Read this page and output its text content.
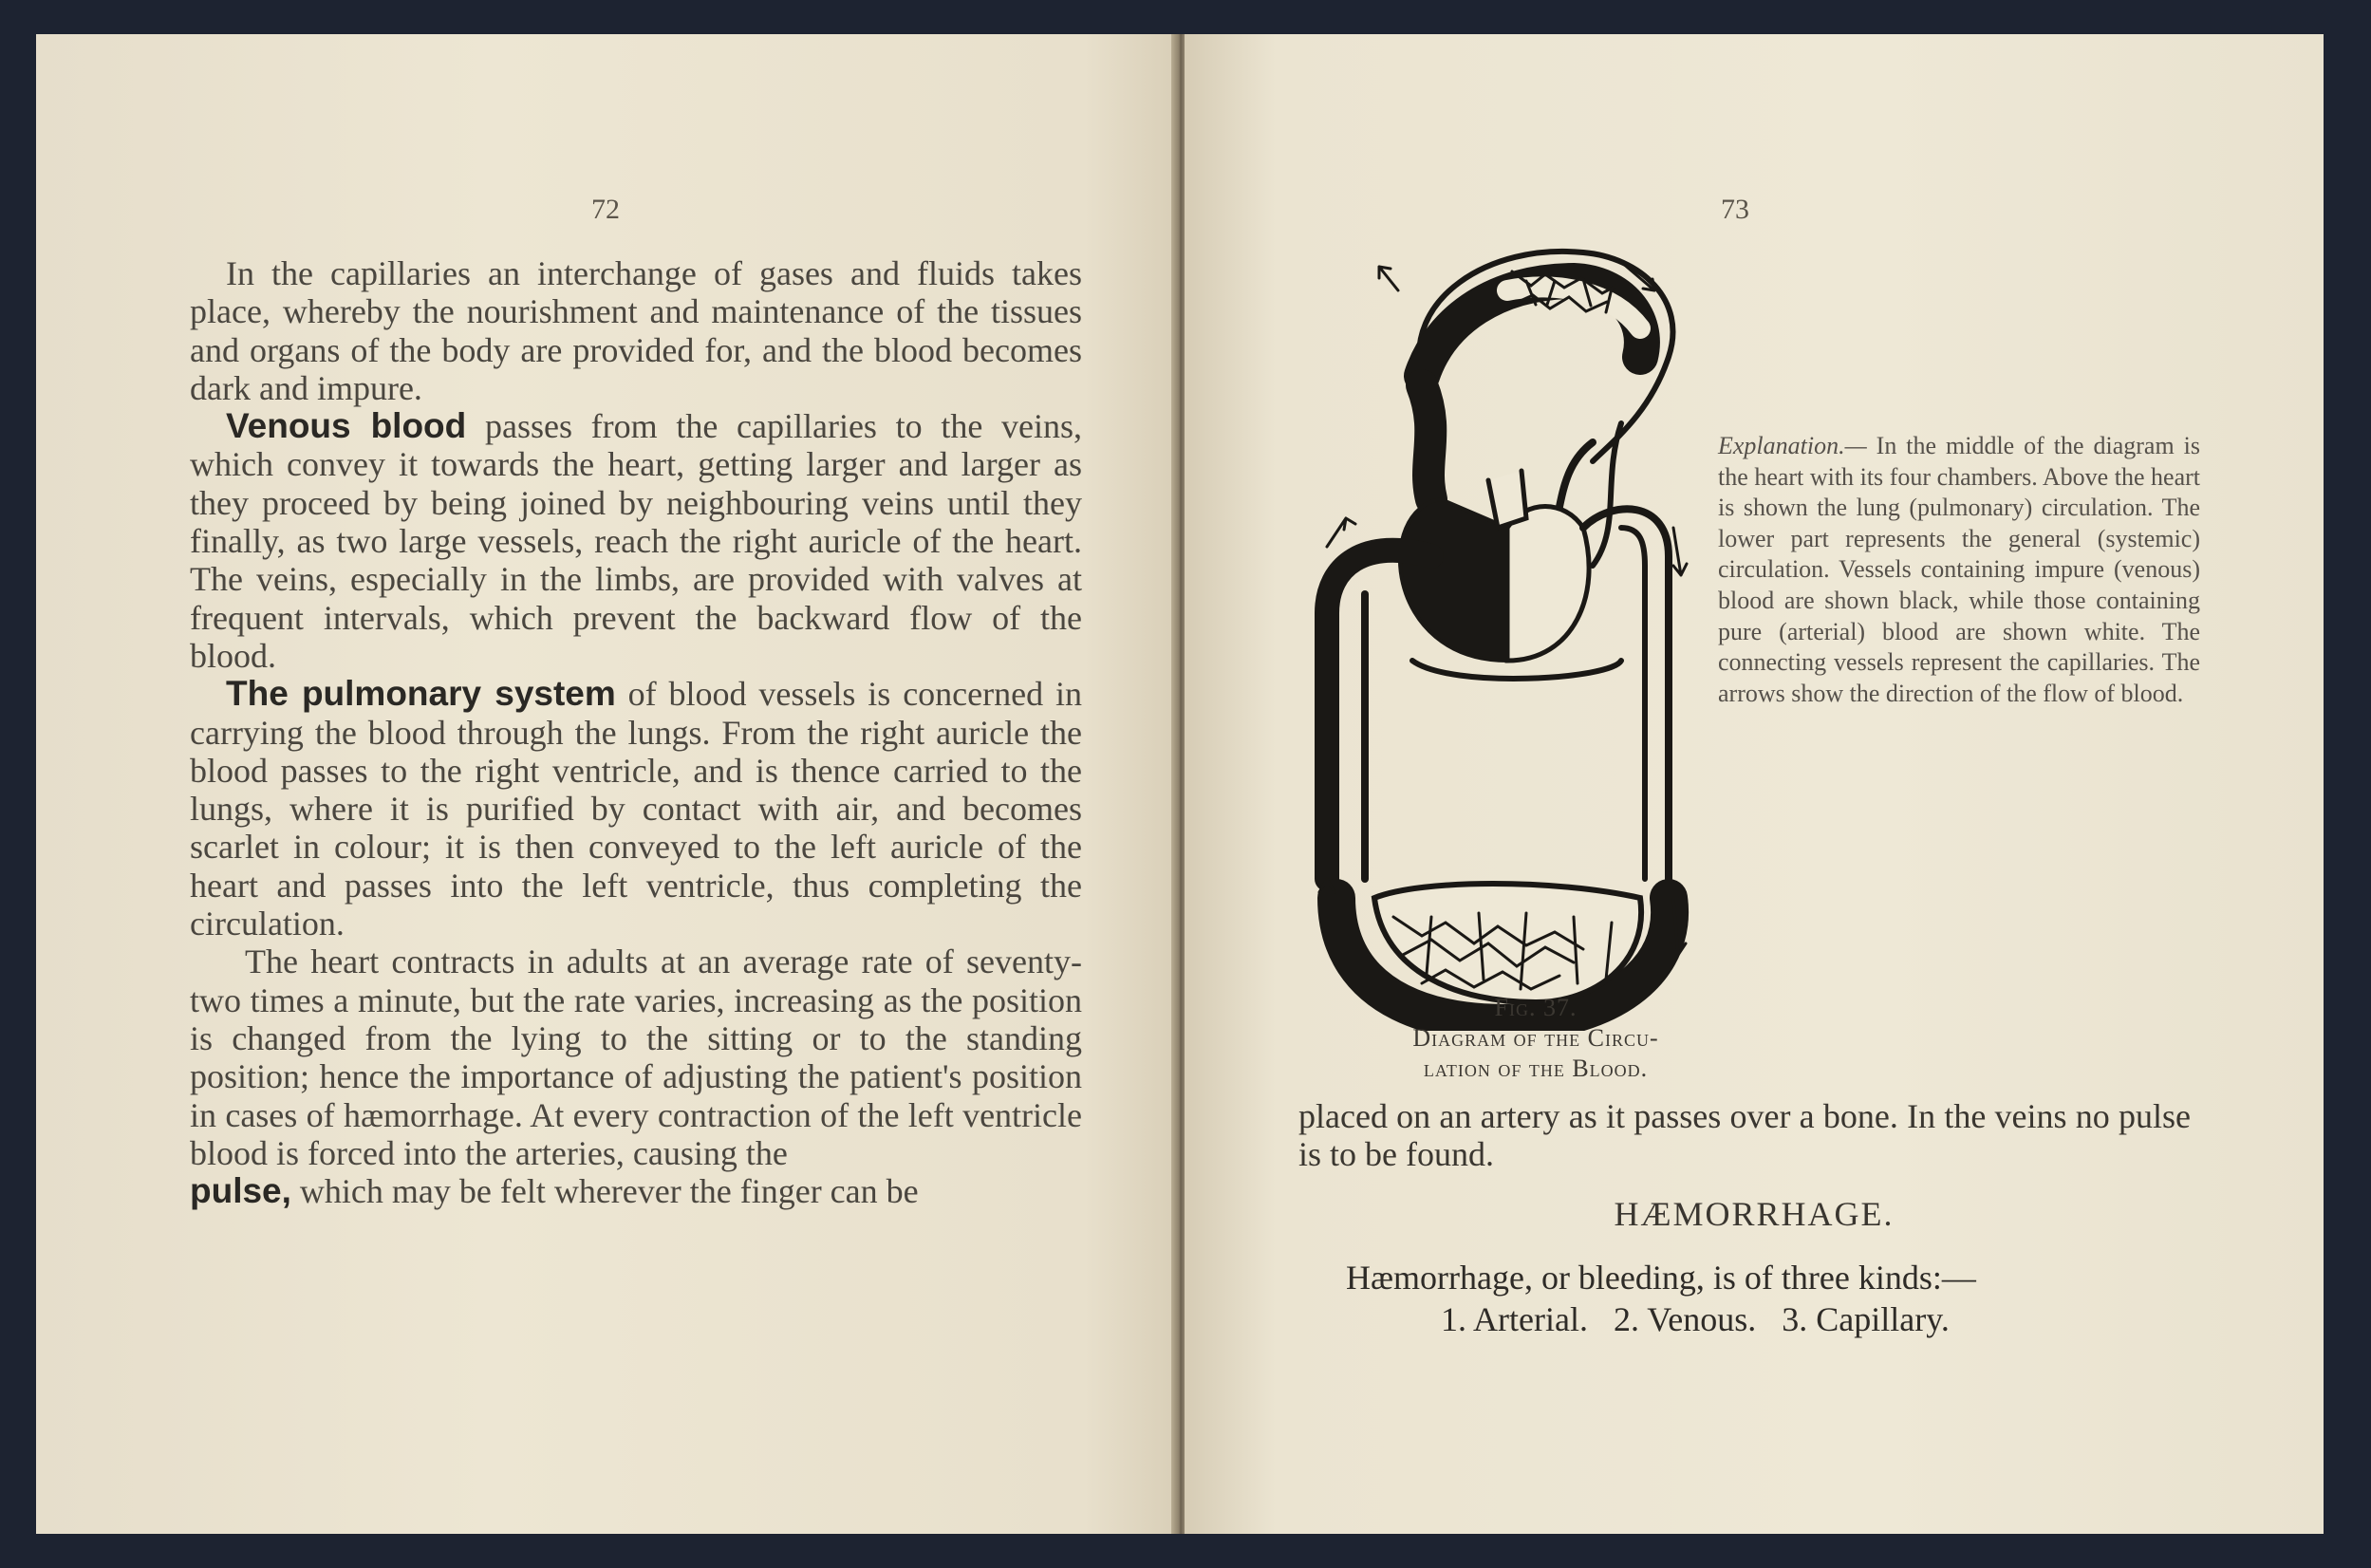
72

In the capillaries an interchange of gases and fluids takes place, whereby the nourishment and maintenance of the tissues and organs of the body are provided for, and the blood becomes dark and impure.

Venous blood passes from the capillaries to the veins, which convey it towards the heart, getting larger and larger as they proceed by being joined by neighbouring veins until they finally, as two large vessels, reach the right auricle of the heart. The veins, especially in the limbs, are provided with valves at frequent intervals, which prevent the backward flow of the blood.

The pulmonary system of blood vessels is concerned in carrying the blood through the lungs. From the right auricle the blood passes to the right ventricle, and is thence carried to the lungs, where it is purified by contact with air, and becomes scarlet in colour; it is then conveyed to the left auricle of the heart and passes into the left ventricle, thus completing the circulation.

The heart contracts in adults at an average rate of seventy-two times a minute, but the rate varies, increasing as the position is changed from the lying to the sitting or to the standing position; hence the importance of adjusting the patient's position in cases of hæmorrhage. At every contraction of the left ventricle blood is forced into the arteries, causing the

pulse, which may be felt wherever the finger can be

73
Fig. 37.
Diagram of the Circu-
lation of the Blood.
Explanation.— In the middle of the diagram is the heart with its four chambers. Above the heart is shown the lung (pulmonary) circulation. The lower part represents the general (systemic) circulation. Vessels containing impure (venous) blood are shown black, while those containing pure (arterial) blood are shown white. The connecting vessels represent the capillaries. The arrows show the direction of the flow of blood.

placed on an artery as it passes over a bone. In the veins no pulse is to be found.

HÆMORRHAGE.
Hæmorrhage, or bleeding, is of three kinds:—
1. Arterial.   2. Venous.   3. Capillary.
